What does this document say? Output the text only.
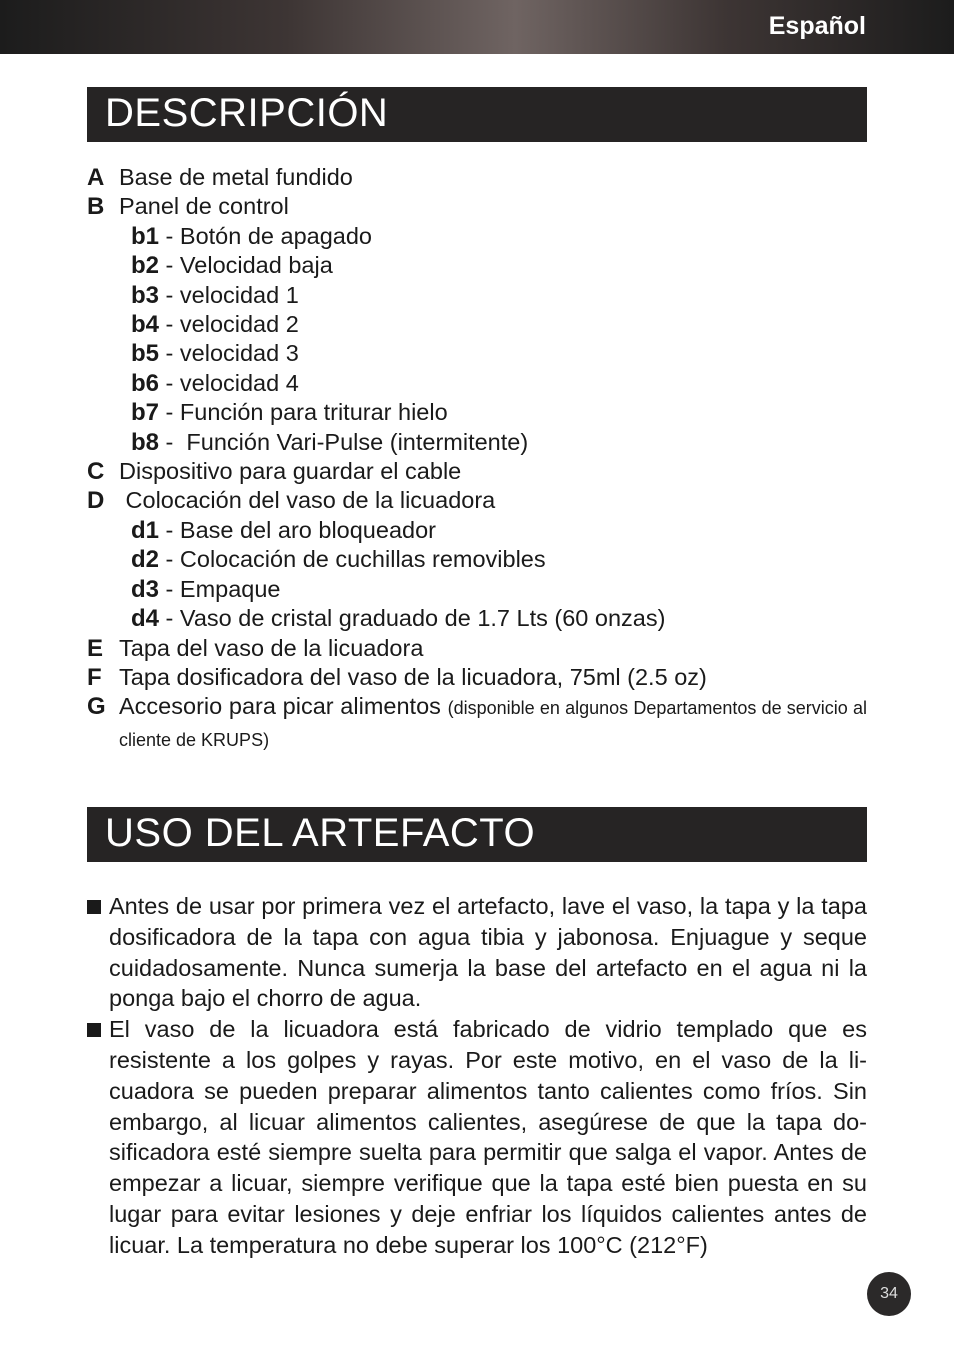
Español
DESCRIPCIÓN
A Base de metal fundido
B Panel de control
b1 - Botón de apagado
b2 - Velocidad baja
b3 - velocidad 1
b4 - velocidad 2
b5 - velocidad 3
b6 - velocidad 4
b7 - Función para triturar hielo
b8 -  Función Vari-Pulse (intermitente)
C Dispositivo para guardar el cable
D Colocación del vaso de la licuadora
d1 - Base del aro bloqueador
d2 - Colocación de cuchillas removibles
d3 - Empaque
d4 - Vaso de cristal graduado de 1.7 Lts (60 onzas)
E Tapa del vaso de la licuadora
F Tapa dosificadora del vaso de la licuadora, 75ml (2.5 oz)
G Accesorio para picar alimentos (disponible en algunos Departamentos de servicio al cliente de KRUPS)
USO DEL ARTEFACTO
Antes de usar por primera vez el artefacto, lave el vaso, la tapa y la tapa dosificadora de la tapa con agua tibia y jabonosa. Enjuague y seque cuidadosamente. Nunca sumerja la base del artefacto en el agua ni la ponga bajo el chorro de agua.
El vaso de la licuadora está fabricado de vidrio templado que es resistente a los golpes y rayas. Por este motivo, en el vaso de la li-cuadora se pueden preparar alimentos tanto calientes como fríos. Sin embargo, al licuar alimentos calientes, asegúrese de que la tapa do-sificadora esté siempre suelta para permitir que salga el vapor. Antes de empezar a licuar, siempre verifique que la tapa esté bien puesta en su lugar para evitar lesiones y deje enfriar los líquidos calientes antes de licuar. La temperatura no debe superar los 100°C (212°F)
34
